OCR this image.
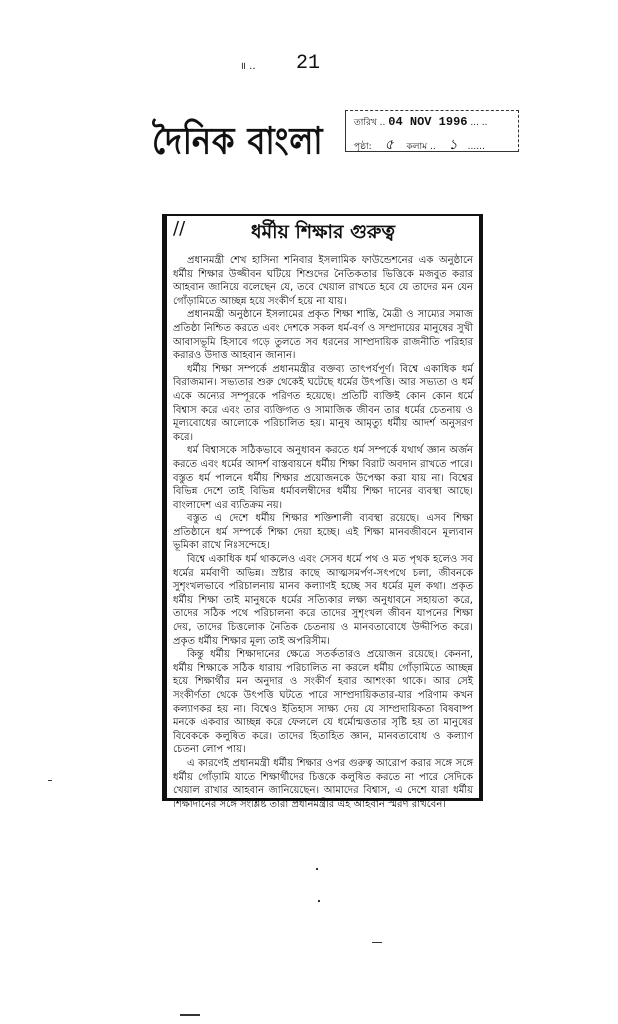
॥ .. 21
দৈনিক বাংলা	তারিখ .. 04 NOV 1996 ... ..
পৃষ্ঠা: ৫ কলাম .. ১ ......
//	ধর্মীয় শিক্ষার গুরুত্ব

প্রধানমন্ত্রী শেখ হাসিনা শনিবার ইসলামিক ফাউন্ডেশনের এক অনুষ্ঠানে ধর্মীয় শিক্ষার উজ্জীবন ঘটিয়ে শিশুদের নৈতিকতার ভিত্তিকে মজবুত করার আহবান জানিয়ে বলেছেন যে, তবে খেয়াল রাখতে হবে যে তাদের মন যেন গোঁড়ামিতে আচ্ছন্ন হয়ে সংকীর্ণ হয়ে না যায়।

প্রধানমন্ত্রী অনুষ্ঠানে ইসলামের প্রকৃত শিক্ষা শান্তি, মৈত্রী ও সাম্যের সমাজ প্রতিষ্ঠা নিশ্চিত করতে এবং দেশকে সকল ধর্ম-বর্ণ ও সম্প্রদায়ের মানুষের সুখী আবাসভূমি হিসাবে গড়ে তুলতে সব ধরনের সাম্প্রদায়িক রাজনীতি পরিহার করারও উদাত্ত আহবান জানান।

ধর্মীয় শিক্ষা সম্পর্কে প্রধানমন্ত্রীর বক্তব্য তাৎপর্যপূর্ণ। বিশ্বে একাধিক ধর্ম বিরাজমান। সভ্যতার শুরু থেকেই ঘটেছে ধর্মের উৎপত্তি। আর সভ্যতা ও ধর্ম একে অন্যের সম্পূরকে পরিণত হয়েছে। প্রতিটি ব্যক্তিই কোন কোন ধর্মে বিশ্বাস করে এবং তার ব্যক্তিগত ও সামাজিক জীবন তার ধর্মের চেতনায় ও মূল্যবোধের আলোকে পরিচালিত হয়। মানুষ আমৃত্যু ধর্মীয় আদর্শ অনুসরণ করে।

ধর্ম বিশ্বাসকে সঠিকভাবে অনুধাবন করতে ধর্ম সম্পর্কে যথার্থ জ্ঞান অর্জন করতে এবং ধর্মের আদর্শ বাস্তবায়নে ধর্মীয় শিক্ষা বিরাট অবদান রাখতে পারে। বস্তুত ধর্ম পালনে ধর্মীয় শিক্ষার প্রয়োজনকে উপেক্ষা করা যায় না। বিশ্বের বিভিন্ন দেশে তাই বিভিন্ন ধর্মাবলম্বীদের ধর্মীয় শিক্ষা দানের ব্যবস্থা আছে। বাংলাদেশ এর ব্যতিক্রম নয়।

বস্তুত এ দেশে ধর্মীয় শিক্ষার শক্তিশালী ব্যবস্থা রয়েছে। এসব শিক্ষা প্রতিষ্ঠানে ধর্ম সম্পর্কে শিক্ষা দেয়া হচ্ছে। এই শিক্ষা মানবজীবনে মূল্যবান ভূমিকা রাখে নিঃসন্দেহে।

বিশ্বে একাধিক ধর্ম থাকলেও এবং সেসব ধর্মে পথ ও মত পৃথক হলেও সব ধর্মের মর্মবাণী অভিন্ন। স্রষ্টার কাছে আত্মসমর্পণ-সৎপথে চলা, জীবনকে সুশৃংখলভাবে পরিচালনায় মানব কল্যাণই হচ্ছে সব ধর্মের মূল কথা। প্রকৃত ধর্মীয় শিক্ষা তাই মানুষকে ধর্মের সত্যিকার লক্ষ্য অনুধাবনে সহায়তা করে, তাদের সঠিক পথে পরিচালনা করে তাদের সুশৃংখল জীবন যাপনের শিক্ষা দেয়, তাদের চিত্তলোক নৈতিক চেতনায় ও মানবতাবোধে উদ্দীপিত করে। প্রকৃত ধর্মীয় শিক্ষার মূল্য তাই অপরিসীম।

কিন্তু ধর্মীয় শিক্ষাদানের ক্ষেত্রে সতর্কতারও প্রয়োজন রয়েছে। কেননা, ধর্মীয় শিক্ষাকে সঠিক ধারায় পরিচালিত না করলে ধর্মীয় গোঁড়ামিতে আচ্ছন্ন হয়ে শিক্ষার্থীর মন অনুদার ও সংকীর্ণ হবার আশংকা থাকে। আর সেই সংকীর্ণতা থেকে উৎপত্তি ঘটতে পারে সাম্প্রদায়িকতার-যার পরিণাম কখন কল্যাণকর হয় না। বিশ্বেও ইতিহাস সাক্ষ্য দেয় যে সাম্প্রদায়িকতা বিষবাষ্প মনকে একবার আচ্ছন্ন করে ফেললে যে ধর্মোন্মত্ততার সৃষ্টি হয় তা মানুষের বিবেককে কলুষিত করে। তাদের হিতাহিত জ্ঞান, মানবতাবোধ ও কল্যাণ চেতনা লোপ পায়।

এ কারণেই প্রধানমন্ত্রী ধর্মীয় শিক্ষার ওপর গুরুত্ব আরোপ করার সঙ্গে সঙ্গে ধর্মীয় গোঁড়ামি যাতে শিক্ষার্থীদের চিত্তকে কলুষিত করতে না পারে সেদিকে খেয়াল রাখার আহবান জানিয়েছেন। আমাদের বিশ্বাস, এ দেশে যারা ধর্মীয় শিক্ষাদানের সঙ্গে সংশ্লিষ্ট তারা প্রধানমন্ত্রীর এই আহবান স্মরণ রাখবেন।
